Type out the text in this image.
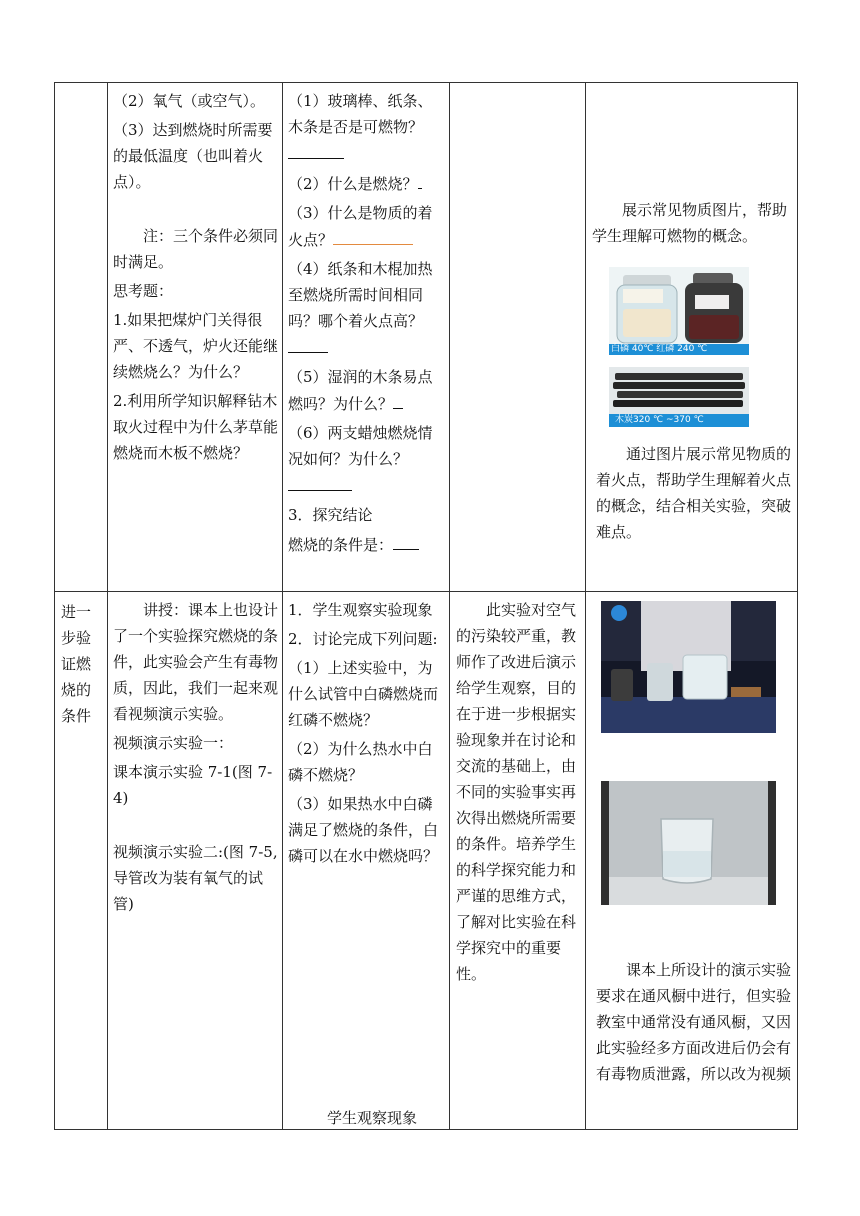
（2）氧气（或空气）。

（3）达到燃烧时所需要的最低温度（也叫着火点）。

注：三个条件必须同时满足。

思考题：

1.如果把煤炉门关得很严、不透气，炉火还能继续燃烧么？为什么？

2.利用所学知识解释钻木取火过程中为什么茅草能燃烧而木板不燃烧？

（1）玻璃棒、纸条、木条是否是可燃物？

（2）什么是燃烧？

（3）什么是物质的着火点？

（4）纸条和木棍加热至燃烧所需时间相同吗？哪个着火点高？

（5）湿润的木条易点燃吗？为什么？

（6）两支蜡烛燃烧情况如何？为什么？

3．探究结论

燃烧的条件是：

展示常见物质图片，帮助学生理解可燃物的概念。
白磷 40℃ 红磷 240 ℃
木炭320 ℃ ~370 ℃
通过图片展示常见物质的着火点，帮助学生理解着火点的概念，结合相关实验，突破难点。
进一步验证燃烧的条件

讲授：课本上也设计了一个实验探究燃烧的条件，此实验会产生有毒物质，因此，我们一起来观看视频演示实验。

视频演示实验一：

课本演示实验 7-1(图 7-4)

视频演示实验二:(图 7-5,导管改为装有氧气的试管)

1．学生观察实验现象

2．讨论完成下列问题:

（1）上述实验中，为什么试管中白磷燃烧而红磷不燃烧？

（2）为什么热水中白磷不燃烧？

（3）如果热水中白磷满足了燃烧的条件，白磷可以在水中燃烧吗？

学生观察现象
此实验对空气的污染较严重，教师作了改进后演示给学生观察，目的在于进一步根据实验现象并在讨论和交流的基础上，由不同的实验事实再次得出燃烧所需要的条件。培养学生的科学探究能力和严谨的思维方式，了解对比实验在科学探究中的重要性。	课本上所设计的演示实验要求在通风橱中进行，但实验教室中通常没有通风橱，又因此实验经多方面改进后仍会有有毒物质泄露，所以改为视频
